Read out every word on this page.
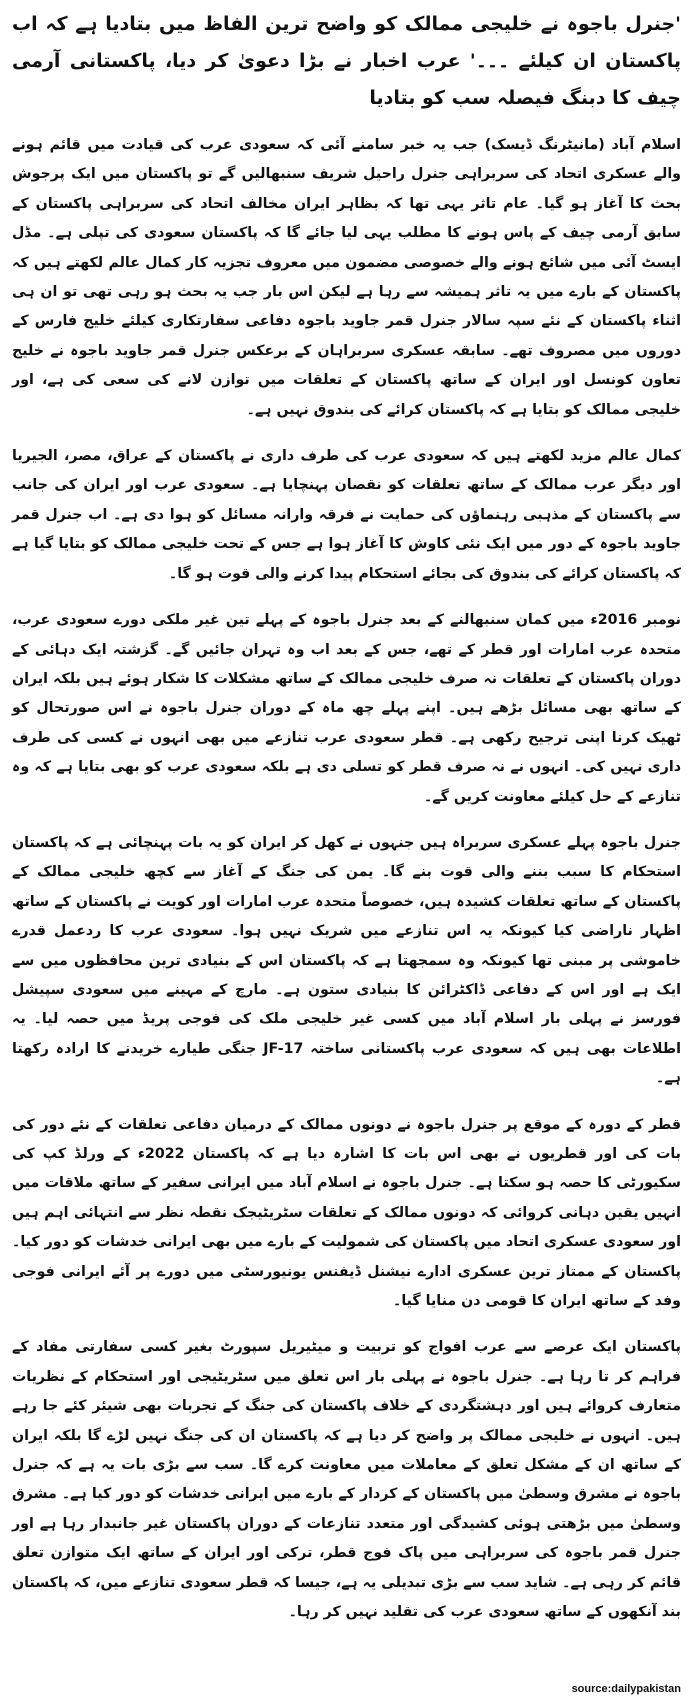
'جنرل باجوہ نے خلیجی ممالک کو واضح ترین الفاظ میں بتادیا ہے کہ اب پاکستان ان کیلئے ۔۔۔' عرب اخبار نے بڑا دعویٰ کر دیا، پاکستانی آرمی چیف کا دبنگ فیصلہ سب کو بتادیا
اسلام آباد (مانیٹرنگ ڈیسک) جب یہ خبر سامنے آئی کہ سعودی عرب کی قیادت میں قائم ہونے والے عسکری اتحاد کی سربراہی جنرل راحیل شریف سنبھالیں گے تو پاکستان میں ایک پرجوش بحث کا آغاز ہو گیا۔ عام تاثر یہی تھا کہ بظاہر ایران مخالف اتحاد کی سربراہی پاکستان کے سابق آرمی چیف کے پاس ہونے کا مطلب یہی لیا جائے گا کہ پاکستان سعودی کی تپلی ہے۔ مڈل ایسٹ آئی میں شائع ہونے والے خصوصی مضمون میں معروف تجزیہ کار کمال عالم لکھتے ہیں کہ پاکستان کے بارے میں یہ تاثر ہمیشہ سے رہا ہے لیکن اس بار جب یہ بحث ہو رہی تھی تو ان ہی اثناء پاکستان کے نئے سپہ سالار جنرل قمر جاوید باجوہ دفاعی سفارتکاری کیلئے خلیج فارس کے دوروں میں مصروف تھے۔ سابقہ عسکری سربراہان کے برعکس جنرل قمر جاوید باجوہ نے خلیج تعاون کونسل اور ایران کے ساتھ پاکستان کے تعلقات میں توازن لانے کی سعی کی ہے، اور خلیجی ممالک کو بتایا ہے کہ پاکستان کرائے کی بندوق نہیں ہے۔
کمال عالم مزید لکھتے ہیں کہ سعودی عرب کی طرف داری نے پاکستان کے عراق، مصر، الجیریا اور دیگر عرب ممالک کے ساتھ تعلقات کو نقصان پہنچایا ہے۔ سعودی عرب اور ایران کی جانب سے پاکستان کے مذہبی رہنماؤں کی حمایت نے فرقہ وارانہ مسائل کو ہوا دی ہے۔ اب جنرل قمر جاوید باجوہ کے دور میں ایک نئی کاوش کا آغاز ہوا ہے جس کے تحت خلیجی ممالک کو بتایا گیا ہے کہ پاکستان کرائے کی بندوق کی بجائے استحکام پیدا کرنے والی قوت ہو گا۔
نومبر 2016ء میں کمان سنبھالنے کے بعد جنرل باجوہ کے پہلے تین غیر ملکی دورے سعودی عرب، متحدہ عرب امارات اور قطر کے تھے، جس کے بعد اب وہ تہران جائیں گے۔ گزشتہ ایک دہائی کے دوران پاکستان کے تعلقات نہ صرف خلیجی ممالک کے ساتھ مشکلات کا شکار ہوئے ہیں بلکہ ایران کے ساتھ بھی مسائل بڑھے ہیں۔ اپنے پہلے چھ ماہ کے دوران جنرل باجوہ نے اس صورتحال کو ٹھیک کرنا اپنی ترجیح رکھی ہے۔ قطر سعودی عرب تنازعے میں بھی انہوں نے کسی کی طرف داری نہیں کی۔ انہوں نے نہ صرف قطر کو تسلی دی ہے بلکہ سعودی عرب کو بھی بتایا ہے کہ وہ تنازعے کے حل کیلئے معاونت کریں گے۔
جنرل باجوہ پہلے عسکری سربراہ ہیں جنہوں نے کھل کر ایران کو یہ بات پہنچائی ہے کہ پاکستان استحکام کا سبب بننے والی قوت بنے گا۔ یمن کی جنگ کے آغاز سے کچھ خلیجی ممالک کے پاکستان کے ساتھ تعلقات کشیدہ ہیں، خصوصاً متحدہ عرب امارات اور کویت نے پاکستان کے ساتھ اظہار ناراضی کیا کیونکہ یہ اس تنازعے میں شریک نہیں ہوا۔ سعودی عرب کا ردعمل قدرے خاموشی پر مبنی تھا کیونکہ وہ سمجھتا ہے کہ پاکستان اس کے بنیادی ترین محافظوں میں سے ایک ہے اور اس کے دفاعی ڈاکٹرائن کا بنیادی ستون ہے۔ مارچ کے مہینے میں سعودی سپیشل فورسز نے پہلی بار اسلام آباد میں کسی غیر خلیجی ملک کی فوجی پریڈ میں حصہ لیا۔ یہ اطلاعات بھی ہیں کہ سعودی عرب پاکستانی ساختہ JF-17 جنگی طیارے خریدنے کا ارادہ رکھتا ہے۔
قطر کے دورہ کے موقع پر جنرل باجوہ نے دونوں ممالک کے درمیان دفاعی تعلقات کے نئے دور کی بات کی اور قطریوں نے بھی اس بات کا اشارہ دیا ہے کہ پاکستان 2022ء کے ورلڈ کپ کی سکیورٹی کا حصہ ہو سکتا ہے۔ جنرل باجوہ نے اسلام آباد میں ایرانی سفیر کے ساتھ ملاقات میں انہیں یقین دہانی کروائی کہ دونوں ممالک کے تعلقات سٹریٹیجک نقطہ نظر سے انتہائی اہم ہیں اور سعودی عسکری اتحاد میں پاکستان کی شمولیت کے بارے میں بھی ایرانی خدشات کو دور کیا۔ پاکستان کے ممتاز ترین عسکری ادارے نیشنل ڈیفنس یونیورسٹی میں دورے پر آئے ایرانی فوجی وفد کے ساتھ ایران کا قومی دن منایا گیا۔
پاکستان ایک عرصے سے عرب افواج کو تربیت و میٹیریل سپورٹ بغیر کسی سفارتی مفاد کے فراہم کر تا رہا ہے۔ جنرل باجوہ نے پہلی بار اس تعلق میں سٹریٹیجی اور استحکام کے نظریات متعارف کروائے ہیں اور دہشتگردی کے خلاف پاکستان کی جنگ کے تجربات بھی شیئر کئے جا رہے ہیں۔ انہوں نے خلیجی ممالک پر واضح کر دیا ہے کہ پاکستان ان کی جنگ نہیں لڑے گا بلکہ ایران کے ساتھ ان کے مشکل تعلق کے معاملات میں معاونت کرے گا۔ سب سے بڑی بات یہ ہے کہ جنرل باجوہ نے مشرق وسطیٰ میں پاکستان کے کردار کے بارے میں ایرانی خدشات کو دور کیا ہے۔ مشرق وسطیٰ میں بڑھتی ہوئی کشیدگی اور متعدد تنازعات کے دوران پاکستان غیر جانبدار رہا ہے اور جنرل قمر باجوہ کی سربراہی میں پاک فوج قطر، ترکی اور ایران کے ساتھ ایک متوازن تعلق قائم کر رہی ہے۔ شاید سب سے بڑی تبدیلی یہ ہے، جیسا کہ قطر سعودی تنازعے میں، کہ پاکستان بند آنکھوں کے ساتھ سعودی عرب کی تقلید نہیں کر رہا۔
source:dailypakistan
